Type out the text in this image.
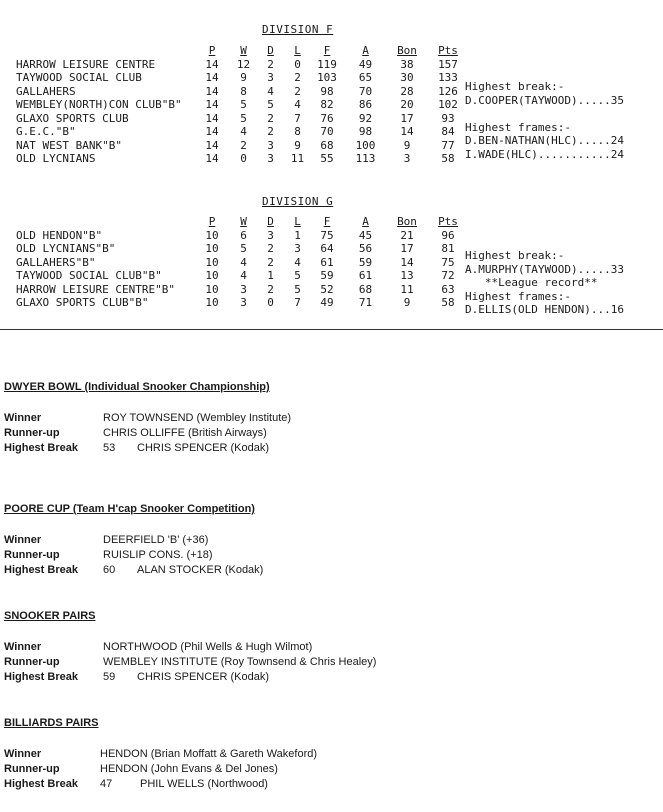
DIVISION F
	P	W	D	L	F	A	Bon	Pts
HARROW LEISURE CENTRE	14	12	2	0	119	49	38	157
TAYWOOD SOCIAL CLUB	14	9	3	2	103	65	30	133
GALLAHERS	14	8	4	2	98	70	28	126
WEMBLEY(NORTH)CON CLUB"B"	14	5	5	4	82	86	20	102
GLAXO SPORTS CLUB	14	5	2	7	76	92	17	93
G.E.C."B"	14	4	2	8	70	98	14	84
NAT WEST BANK"B"	14	2	3	9	68	100	9	77
OLD LYCNIANS	14	0	3	11	55	113	3	58
Highest break:-
D.COOPER(TAYWOOD).....35

Highest frames:-
D.BEN-NATHAN(HLC).....24
I.WADE(HLC)...........24
DIVISION G
	P	W	D	L	F	A	Bon	Pts
OLD HENDON"B"	10	6	3	1	75	45	21	96
OLD LYCNIANS"B"	10	5	2	3	64	56	17	81
GALLAHERS"B"	10	4	2	4	61	59	14	75
TAYWOOD SOCIAL CLUB"B"	10	4	1	5	59	61	13	72
HARROW LEISURE CENTRE"B"	10	3	2	5	52	68	11	63
GLAXO SPORTS CLUB"B"	10	3	0	7	49	71	9	58
Highest break:-
A.MURPHY(TAYWOOD).....33
**League record**
Highest frames:-
D.ELLIS(OLD HENDON)...16
DWYER BOWL (Individual Snooker Championship)
Winner	ROY TOWNSEND (Wembley Institute)
Runner-up	CHRIS OLLIFFE (British Airways)
Highest Break 53 CHRIS SPENCER (Kodak)
POORE CUP (Team H'cap Snooker Competition)
Winner	DEERFIELD 'B' (+36)
Runner-up	RUISLIP CONS. (+18)
Highest Break 60 ALAN STOCKER (Kodak)
SNOOKER PAIRS
Winner	NORTHWOOD (Phil Wells & Hugh Wilmot)
Runner-up	WEMBLEY INSTITUTE (Roy Townsend & Chris Healey)
Highest Break 59 CHRIS SPENCER (Kodak)
BILLIARDS PAIRS
Winner	HENDON (Brian Moffatt & Gareth Wakeford)
Runner-up	HENDON (John Evans & Del Jones)
Highest Break 47	PHIL WELLS (Northwood)
